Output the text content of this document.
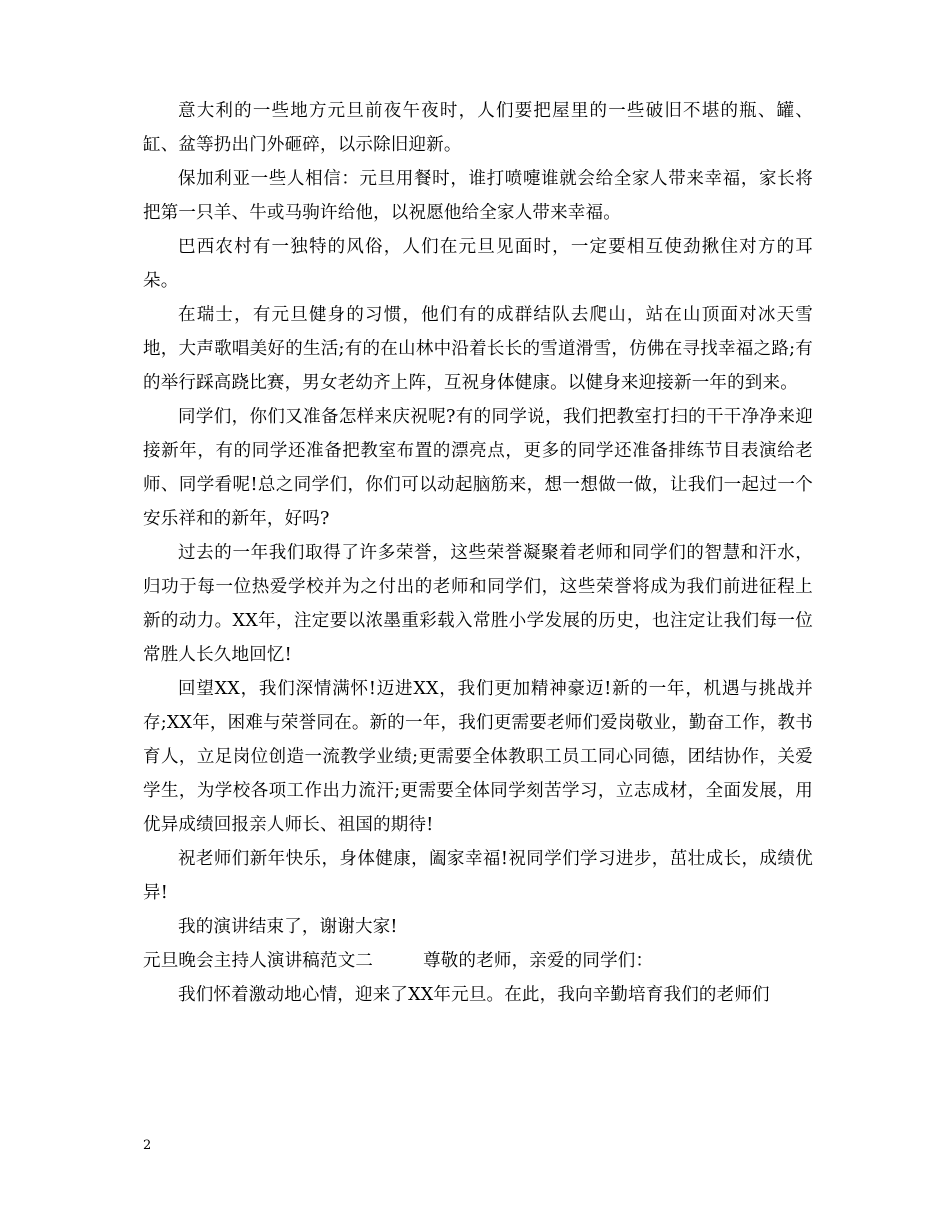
意大利的一些地方元旦前夜午夜时，人们要把屋里的一些破旧不堪的瓶、罐、缸、盆等扔出门外砸碎，以示除旧迎新。

保加利亚一些人相信：元旦用餐时，谁打喷嚏谁就会给全家人带来幸福，家长将把第一只羊、牛或马驹许给他，以祝愿他给全家人带来幸福。

巴西农村有一独特的风俗，人们在元旦见面时，一定要相互使劲揪住对方的耳朵。

在瑞士，有元旦健身的习惯，他们有的成群结队去爬山，站在山顶面对冰天雪地，大声歌唱美好的生活;有的在山林中沿着长长的雪道滑雪，仿佛在寻找幸福之路;有的举行踩高跷比赛，男女老幼齐上阵，互祝身体健康。以健身来迎接新一年的到来。

同学们，你们又准备怎样来庆祝呢?有的同学说，我们把教室打扫的干干净净来迎接新年，有的同学还准备把教室布置的漂亮点，更多的同学还准备排练节目表演给老师、同学看呢!总之同学们，你们可以动起脑筋来，想一想做一做，让我们一起过一个安乐祥和的新年，好吗?

过去的一年我们取得了许多荣誉，这些荣誉凝聚着老师和同学们的智慧和汗水，归功于每一位热爱学校并为之付出的老师和同学们，这些荣誉将成为我们前进征程上新的动力。XX年，注定要以浓墨重彩载入常胜小学发展的历史，也注定让我们每一位常胜人长久地回忆!

回望XX，我们深情满怀!迈进XX，我们更加精神豪迈!新的一年，机遇与挑战并存;XX年，困难与荣誉同在。新的一年，我们更需要老师们爱岗敬业，勤奋工作，教书育人，立足岗位创造一流教学业绩;更需要全体教职工员工同心同德，团结协作，关爱学生，为学校各项工作出力流汗;更需要全体同学刻苦学习，立志成材，全面发展，用优异成绩回报亲人师长、祖国的期待!

祝老师们新年快乐，身体健康，阖家幸福!祝同学们学习进步，茁壮成长，成绩优异!

我的演讲结束了，谢谢大家!

元旦晚会主持人演讲稿范文二	尊敬的老师，亲爱的同学们：

我们怀着激动地心情，迎来了XX年元旦。在此，我向辛勤培育我们的老师们

2
